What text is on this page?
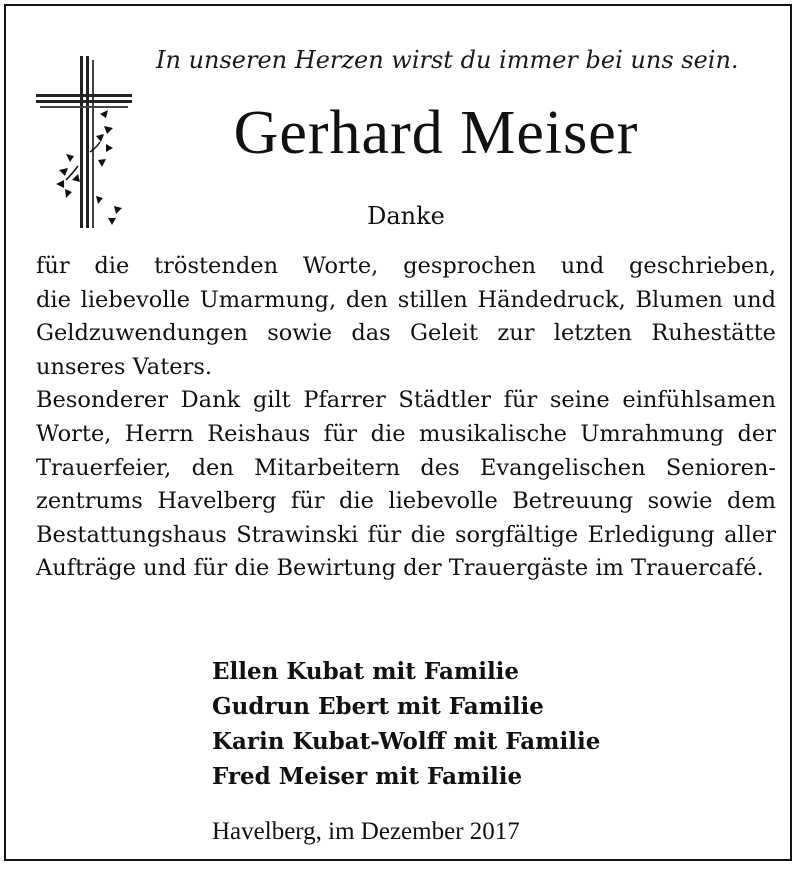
In unseren Herzen wirst du immer bei uns sein.
Gerhard Meiser
Danke
für die tröstenden Worte, gesprochen und geschrieben,
die liebevolle Umarmung, den stillen Händedruck, Blumen und
Geldzuwendungen sowie das Geleit zur letzten Ruhestätte
unseres Vaters.
Besonderer Dank gilt Pfarrer Städtler für seine einfühlsamen
Worte, Herrn Reishaus für die musikalische Umrahmung der
Trauerfeier, den Mitarbeitern des Evangelischen Senioren-
zentrums Havelberg für die liebevolle Betreuung sowie dem
Bestattungshaus Strawinski für die sorgfältige Erledigung aller
Aufträge und für die Bewirtung der Trauergäste im Trauercafé.
Ellen Kubat mit Familie
Gudrun Ebert mit Familie
Karin Kubat-Wolff mit Familie
Fred Meiser mit Familie
Havelberg, im Dezember 2017
